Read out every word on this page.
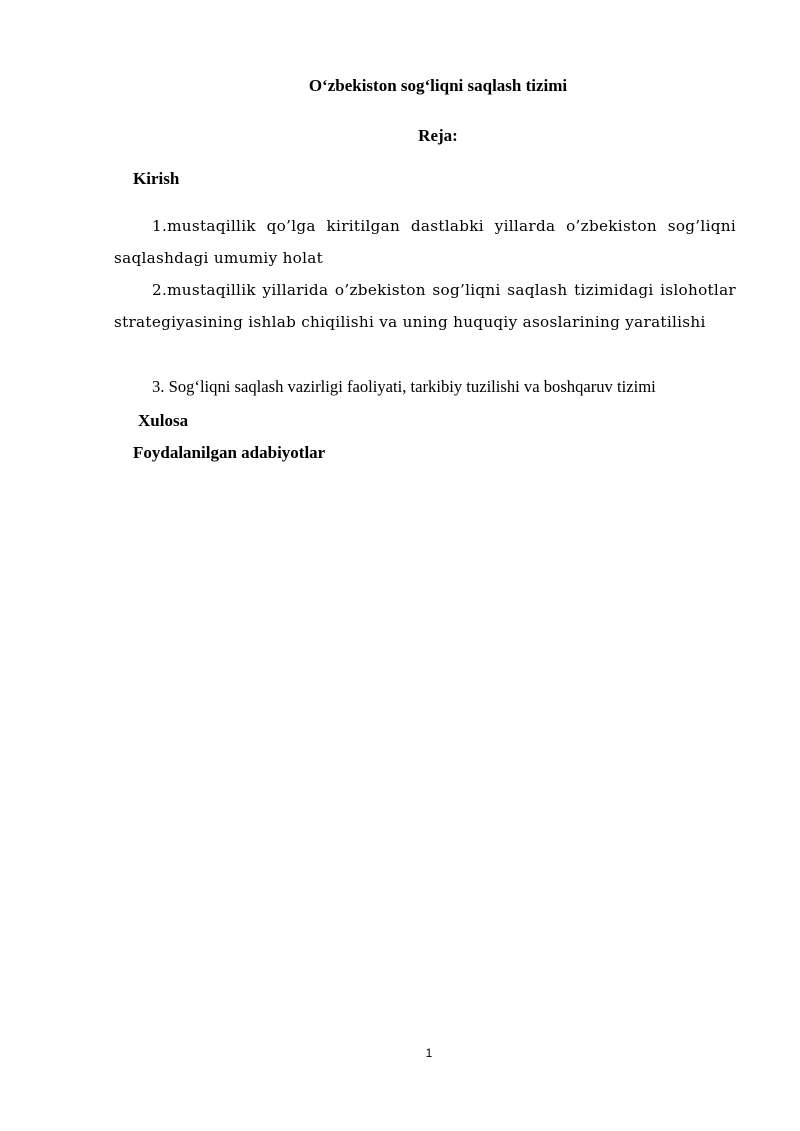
O‘zbekiston sog‘liqni saqlash tizimi
Reja:

Kirish

1.mustaqillik qo’lga kiritilgan dastlabki yillarda o’zbekiston sog’liqni saqlashdagi umumiy holat

2.mustaqillik yillarida o’zbekiston sog’liqni saqlash tizimidagi islohotlar strategiyasining ishlab chiqilishi va uning huquqiy asoslarining yaratilishi

3. Sog‘liqni saqlash vazirligi faoliyati, tarkibiy tuzilishi va boshqaruv tizimi

Xulosa

Foydalanilgan adabiyotlar

1
